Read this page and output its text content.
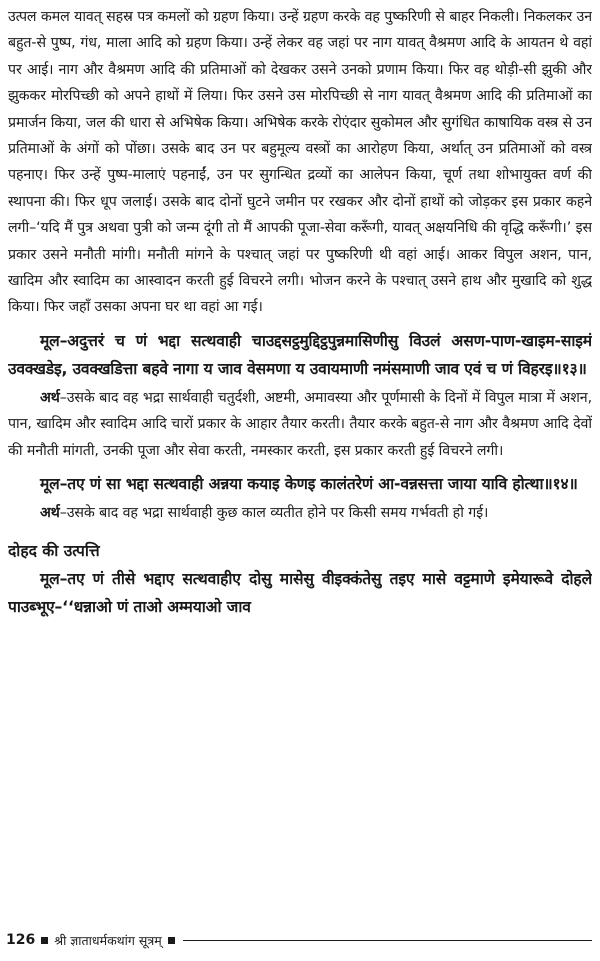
उत्पल कमल यावत् सहस्र पत्र कमलों को ग्रहण किया। उन्हें ग्रहण करके वह पुष्करिणी से बाहर निकली। निकलकर उन बहुत-से पुष्प, गंध, माला आदि को ग्रहण किया। उन्हें लेकर वह जहां पर नाग यावत् वैश्रमण आदि के आयतन थे वहां पर आई। नाग और वैश्रमण आदि की प्रतिमाओं को देखकर उसने उनको प्रणाम किया। फिर वह थोड़ी-सी झुकी और झुककर मोरपिच्छी को अपने हाथों में लिया। फिर उसने उस मोरपिच्छी से नाग यावत् वैश्रमण आदि की प्रतिमाओं का प्रमार्जन किया, जल की धारा से अभिषेक किया। अभिषेक करके रोएंदार सुकोमल और सुगंधित काषायिक वस्त्र से उन प्रतिमाओं के अंगों को पोंछा। उसके बाद उन पर बहुमूल्य वस्त्रों का आरोहण किया, अर्थात् उन प्रतिमाओं को वस्त्र पहनाए। फिर उन्हें पुष्प-मालाएं पहनाईं, उन पर सुगन्धित द्रव्यों का आलेपन किया, चूर्ण तथा शोभायुक्त वर्ण की स्थापना की। फिर धूप जलाई। उसके बाद दोनों घुटने जमीन पर रखकर और दोनों हाथों को जोड़कर इस प्रकार कहने लगी–‘यदि मैं पुत्र अथवा पुत्री को जन्म दूंगी तो मैं आपकी पूजा-सेवा करूँगी, यावत् अक्षयनिधि की वृद्धि करूँगी।’ इस प्रकार उसने मनौती मांगी। मनौती मांगने के पश्चात् जहां पर पुष्करिणी थी वहां आई। आकर विपुल अशन, पान, खादिम और स्वादिम का आस्वादन करती हुई विचरने लगी। भोजन करने के पश्चात् उसने हाथ और मुखादि को शुद्ध किया। फिर जहाँ उसका अपना घर था वहां आ गई।

मूल–अदुत्तरं च णं भद्दा सत्थवाही चाउद्दसट्ठमुद्दिट्ठपुन्नमासिणीसु विउलं असण-पाण-खाइम-साइमं उवक्खडेइ, उवक्खडित्ता बहवे नागा य जाव वेसमणा य उवायमाणी नमंसमाणी जाव एवं च णं विहरइ॥१३॥

अर्थ–उसके बाद वह भद्रा सार्थवाही चतुर्दशी, अष्टमी, अमावस्या और पूर्णमासी के दिनों में विपुल मात्रा में अशन, पान, खादिम और स्वादिम आदि चारों प्रकार के आहार तैयार करती। तैयार करके बहुत-से नाग और वैश्रमण आदि देवों की मनौती मांगती, उनकी पूजा और सेवा करती, नमस्कार करती, इस प्रकार करती हुई विचरने लगी।

मूल–तए णं सा भद्दा सत्थवाही अन्नया कयाइ केणइ कालंतरेणं आ-वन्नसत्ता जाया यावि होत्था॥१४॥

अर्थ–उसके बाद वह भद्रा सार्थवाही कुछ काल व्यतीत होने पर किसी समय गर्भवती हो गई।

दोहद की उत्पत्ति

मूल–तए णं तीसे भद्दाए सत्थवाहीए दोसु मासेसु वीइक्कंतेसु तइए मासे वट्टमाणे इमेयारूवे दोहले पाउब्भूए–‘‘धन्नाओ णं ताओ अम्मयाओ जाव

126 श्री ज्ञाताधर्मकथांग सूत्रम्
